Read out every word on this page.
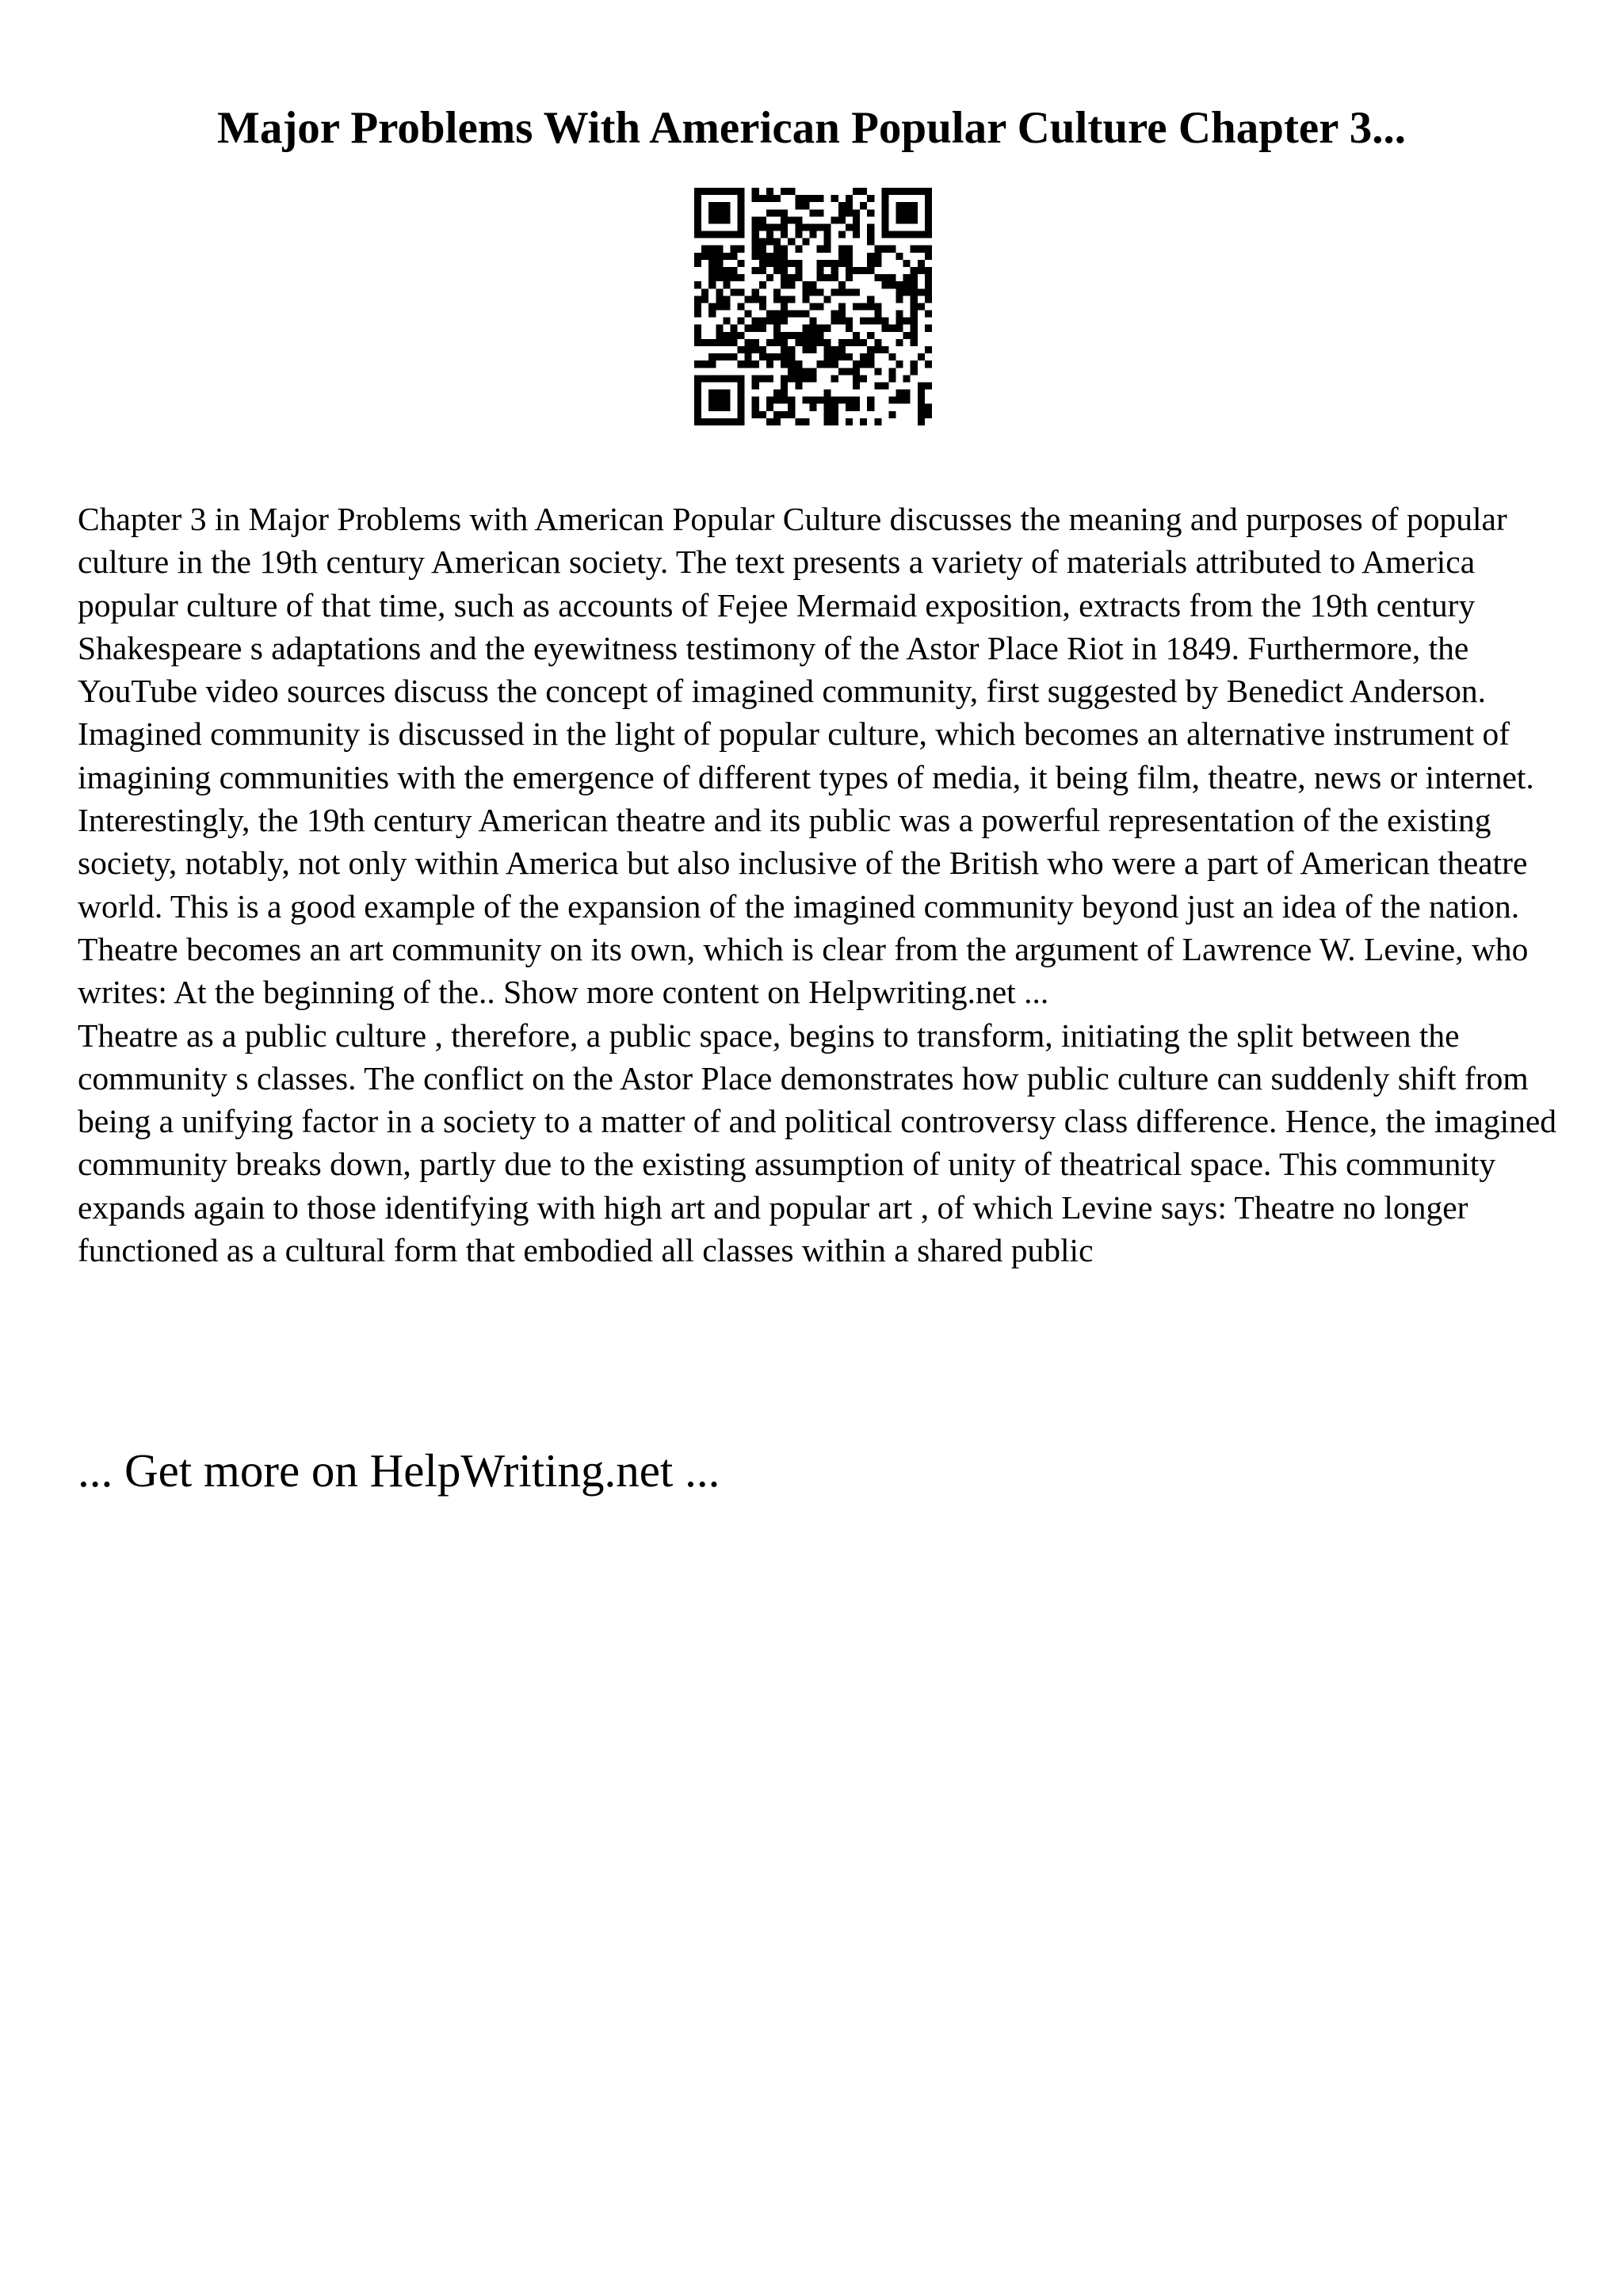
Major Problems With American Popular Culture Chapter 3...

Chapter 3 in Major Problems with American Popular Culture discusses the meaning and purposes of popular culture in the 19th century American society. The text presents a variety of materials attributed to America popular culture of that time, such as accounts of Fejee Mermaid exposition, extracts from the 19th century Shakespeare s adaptations and the eyewitness testimony of the Astor Place Riot in 1849. Furthermore, the YouTube video sources discuss the concept of imagined community, first suggested by Benedict Anderson. Imagined community is discussed in the light of popular culture, which becomes an alternative instrument of imagining communities with the emergence of different types of media, it being film, theatre, news or internet. Interestingly, the 19th century American theatre and its public was a powerful representation of the existing society, notably, not only within America but also inclusive of the British who were a part of American theatre world. This is a good example of the expansion of the imagined community beyond just an idea of the nation. Theatre becomes an art community on its own, which is clear from the argument of Lawrence W. Levine, who writes: At the beginning of the.. Show more content on Helpwriting.net ...

Theatre as a public culture , therefore, a public space, begins to transform, initiating the split between the community s classes. The conflict on the Astor Place demonstrates how public culture can suddenly shift from being a unifying factor in a society to a matter of and political controversy class difference. Hence, the imagined community breaks down, partly due to the existing assumption of unity of theatrical space. This community expands again to those identifying with high art and popular art , of which Levine says: Theatre no longer functioned as a cultural form that embodied all classes within a shared public

... Get more on HelpWriting.net ...
